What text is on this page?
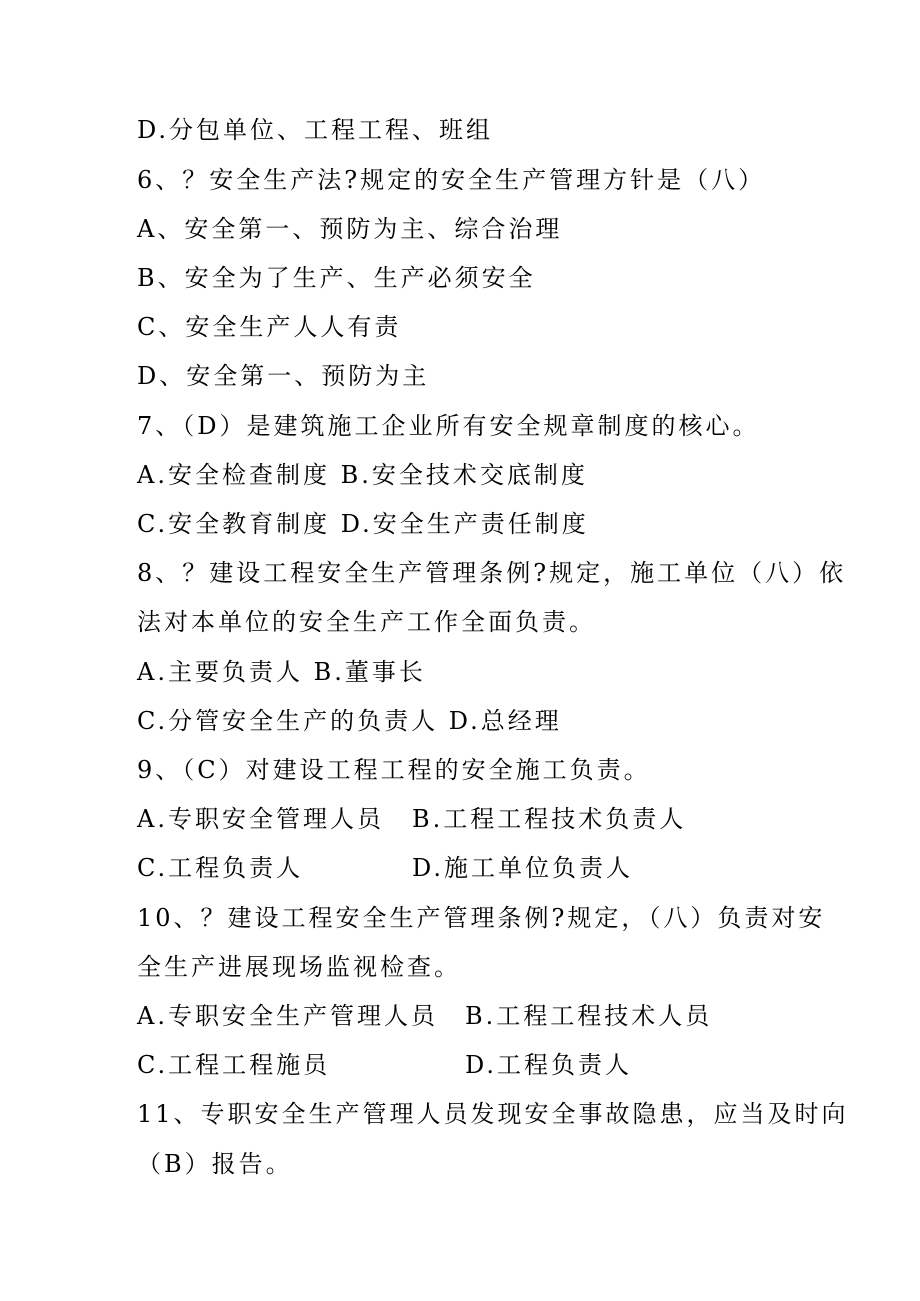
D.分包单位、工程工程、班组
6、？安全生产法?规定的安全生产管理方针是（八）
A、安全第一、预防为主、综合治理
B、安全为了生产、生产必须安全
C、安全生产人人有责
D、安全第一、预防为主
7、（D）是建筑施工企业所有安全规章制度的核心。
A.安全检查制度 B.安全技术交底制度
C.安全教育制度 D.安全生产责任制度
8、？建设工程安全生产管理条例?规定，施工单位（八）依
法对本单位的安全生产工作全面负责。
A.主要负责人 B.董事长
C.分管安全生产的负责人 D.总经理
9、（C）对建设工程工程的安全施工负责。
A.专职安全管理人员 B.工程工程技术负责人
C.工程负责人	D.施工单位负责人
10、？建设工程安全生产管理条例?规定，（八）负责对安
全生产进展现场监视检查。
A.专职安全生产管理人员 B.工程工程技术人员
C.工程工程施员	D.工程负责人
11、专职安全生产管理人员发现安全事故隐患，应当及时向
（B）报告。
